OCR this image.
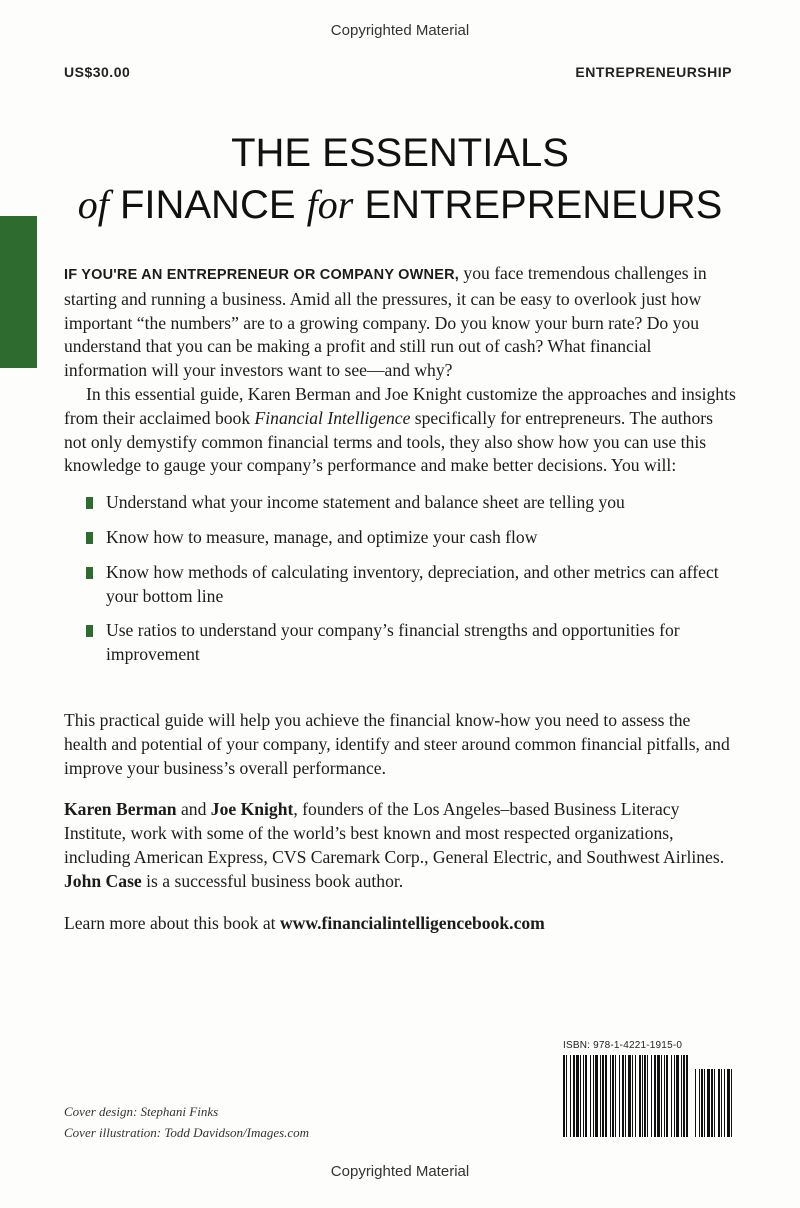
Copyrighted Material
US$30.00	ENTREPRENEURSHIP
THE ESSENTIALS
of FINANCE for ENTREPRENEURS

IF YOU'RE AN ENTREPRENEUR OR COMPANY OWNER, you face tremendous challenges in starting and running a business. Amid all the pressures, it can be easy to overlook just how important “the numbers” are to a growing company. Do you know your burn rate? Do you understand that you can be making a profit and still run out of cash? What financial information will your investors want to see—and why?

In this essential guide, Karen Berman and Joe Knight customize the approaches and insights from their acclaimed book Financial Intelligence specifically for entrepreneurs. The authors not only demystify common financial terms and tools, they also show how you can use this knowledge to gauge your company’s performance and make better decisions. You will:

Understand what your income statement and balance sheet are telling you
Know how to measure, manage, and optimize your cash flow
Know how methods of calculating inventory, depreciation, and other metrics can affect your bottom line
Use ratios to understand your company’s financial strengths and opportunities for improvement

This practical guide will help you achieve the financial know-how you need to assess the health and potential of your company, identify and steer around common financial pitfalls, and improve your business’s overall performance.

Karen Berman and Joe Knight, founders of the Los Angeles–based Business Literacy Institute, work with some of the world’s best known and most respected organizations, including American Express, CVS Caremark Corp., General Electric, and Southwest Airlines. John Case is a successful business book author.

Learn more about this book at www.financialintelligencebook.com

Cover design: Stephani Finks
Cover illustration: Todd Davidson/Images.com
ISBN: 978-1-4221-1915-0
Copyrighted Material
